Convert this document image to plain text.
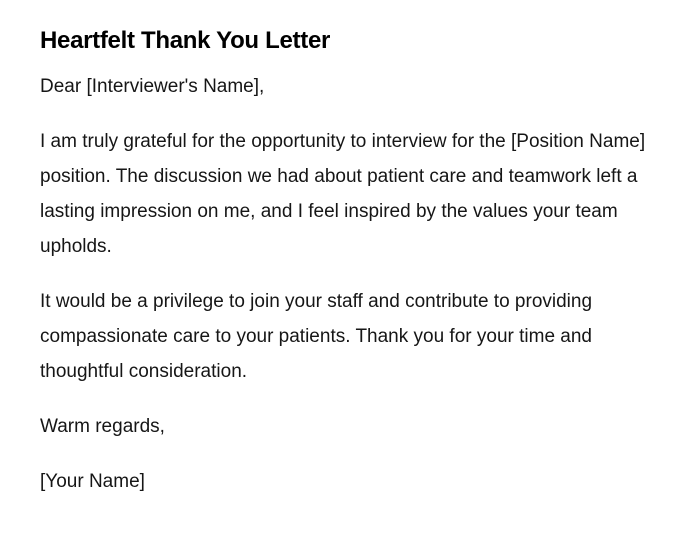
Heartfelt Thank You Letter

Dear [Interviewer's Name],

I am truly grateful for the opportunity to interview for the [Position Name] position. The discussion we had about patient care and teamwork left a lasting impression on me, and I feel inspired by the values your team upholds.

It would be a privilege to join your staff and contribute to providing compassionate care to your patients. Thank you for your time and thoughtful consideration.

Warm regards,

[Your Name]
